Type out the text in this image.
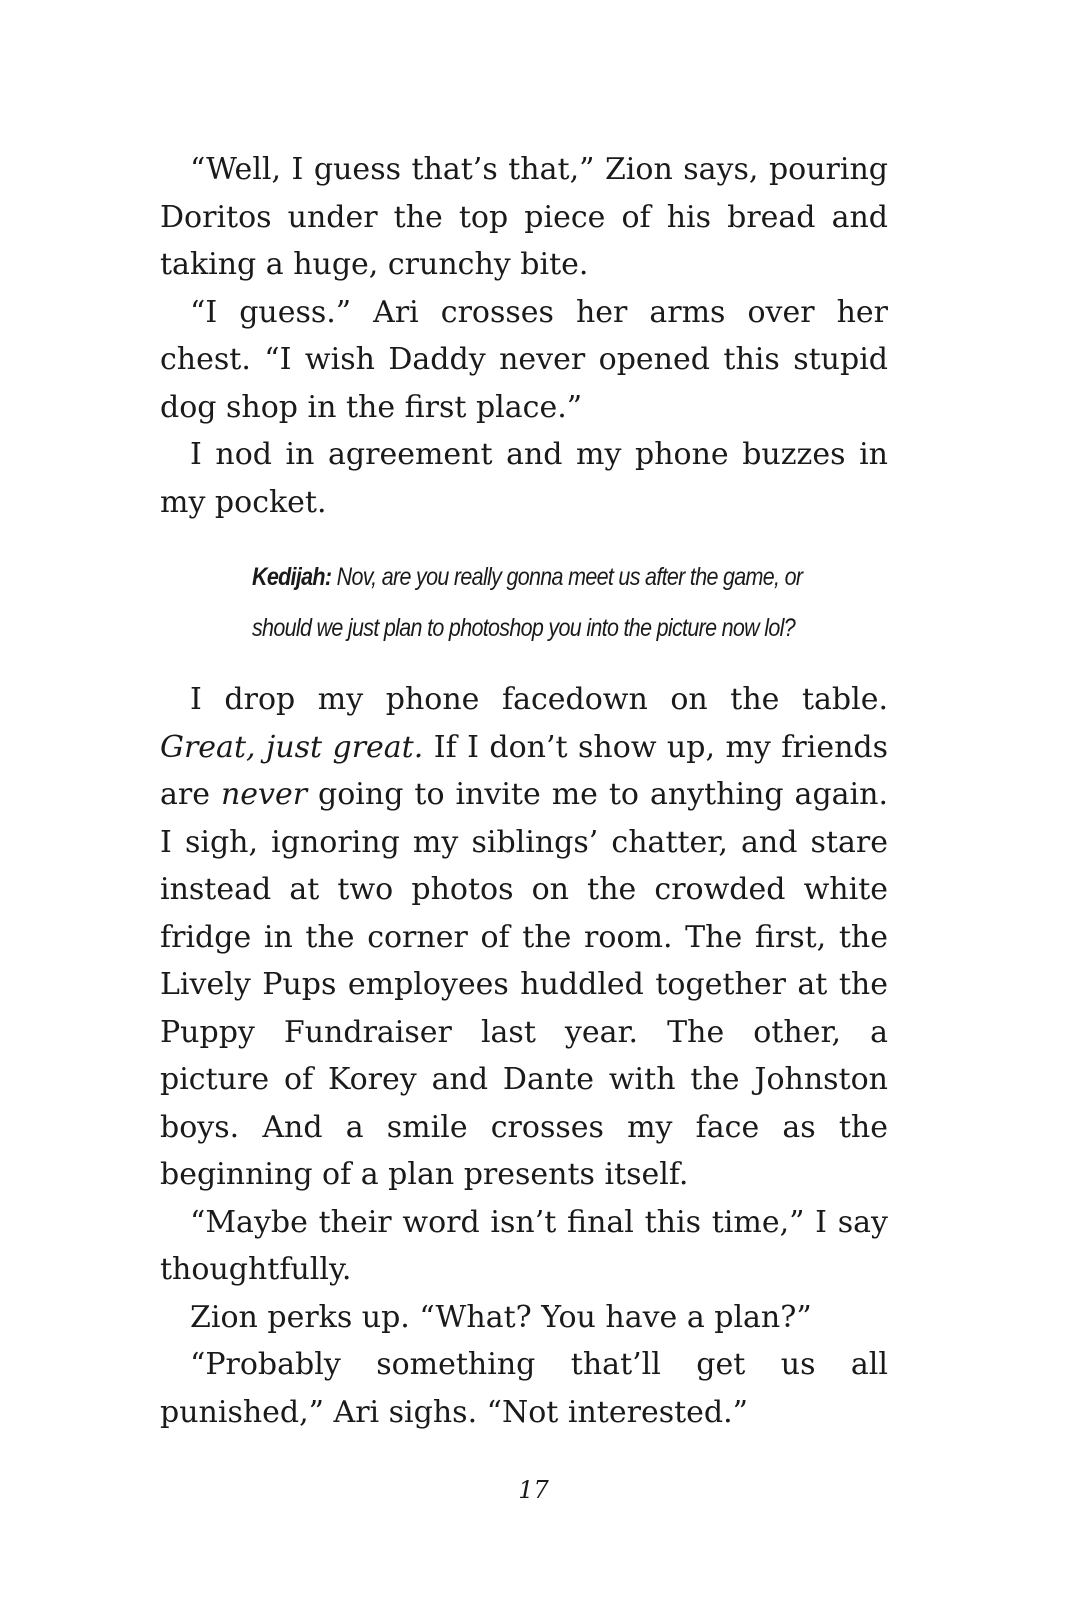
“Well, I guess that’s that,” Zion says, pouring Doritos under the top piece of his bread and taking a huge, crunchy bite.

“I guess.” Ari crosses her arms over her chest. “I wish Daddy never opened this stupid dog shop in the first place.”

I nod in agreement and my phone buzzes in my pocket.

Kedijah: Nov, are you really gonna meet us after the game, or should we just plan to photoshop you into the picture now lol?

I drop my phone facedown on the table. Great, just great. If I don’t show up, my friends are never going to invite me to anything again. I sigh, ignoring my siblings’ chatter, and stare instead at two photos on the crowded white fridge in the corner of the room. The first, the Lively Pups employees huddled together at the Puppy Fundraiser last year. The other, a picture of Korey and Dante with the Johnston boys. And a smile crosses my face as the beginning of a plan presents itself.

“Maybe their word isn’t final this time,” I say thoughtfully.

Zion perks up. “What? You have a plan?”

“Probably something that’ll get us all punished,” Ari sighs. “Not interested.”

17
